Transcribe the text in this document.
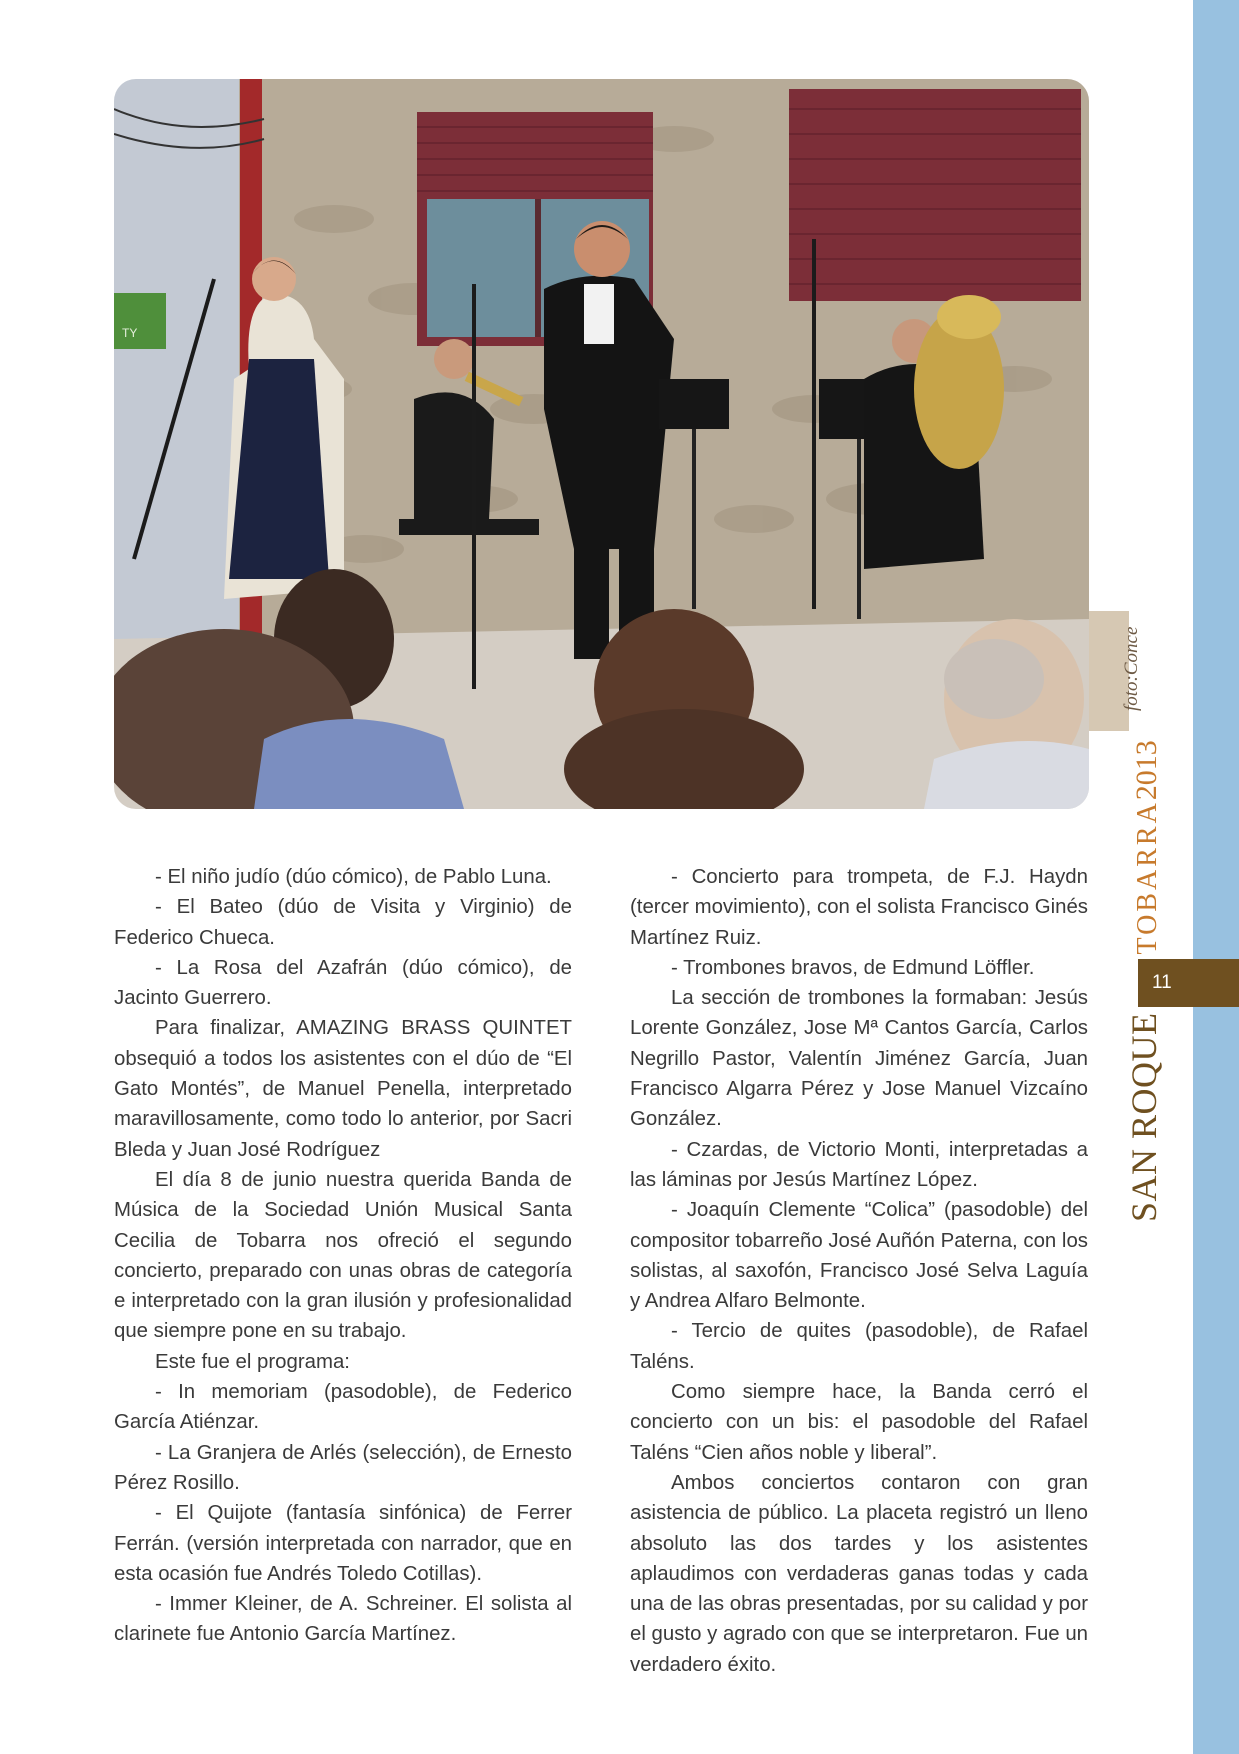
11
SAN ROQUETOBARRA2013
TY
foto:Conce

- El niño judío (dúo cómico), de Pablo Luna.

- El Bateo (dúo de Visita y Virginio) de Federico Chueca.

- La Rosa del Azafrán (dúo cómico), de Jacinto Guerrero.

Para finalizar, AMAZING BRASS QUINTET obsequió a todos los asistentes con el dúo de “El Gato Montés”, de Manuel Penella, interpretado maravillosamente, como todo lo anterior, por Sacri Bleda y Juan José Rodríguez

El día 8 de junio nuestra querida Banda de Música de la Sociedad Unión Musical Santa Cecilia de Tobarra nos ofreció el segundo concierto, preparado con unas obras de categoría e interpretado con la gran ilusión y profesionalidad que siempre pone en su trabajo.

Este fue el programa:

- In memoriam (pasodoble), de Federico García Atiénzar.

- La Granjera de Arlés (selección), de Ernesto Pérez Rosillo.

- El Quijote (fantasía sinfónica) de Ferrer Ferrán. (versión interpretada con narrador, que en esta ocasión fue Andrés Toledo Cotillas).

- Immer Kleiner, de A. Schreiner. El solista al clarinete fue Antonio García Martínez.

- Concierto para trompeta, de F.J. Haydn (tercer movimiento), con el solista Francisco Ginés Martínez Ruiz.

- Trombones bravos, de Edmund Löffler.

La sección de trombones la formaban: Jesús Lorente González, Jose Mª Cantos García, Carlos Negrillo Pastor, Valentín Jiménez García, Juan Francisco Algarra Pérez y Jose Manuel Vizcaíno González.

- Czardas, de Victorio Monti, interpretadas a las láminas por Jesús Martínez López.

- Joaquín Clemente “Colica” (pasodoble) del compositor tobarreño José Auñón Paterna, con los solistas, al saxofón, Francisco José Selva Laguía y Andrea Alfaro Belmonte.

- Tercio de quites (pasodoble), de Rafael Taléns.

Como siempre hace, la Banda cerró el concierto con un bis: el pasodoble del Rafael Taléns “Cien años noble y liberal”.

Ambos conciertos contaron con gran asistencia de público. La placeta registró un lleno absoluto las dos tardes y los asistentes aplaudimos con verdaderas ganas todas y cada una de las obras presentadas, por su calidad y por el gusto y agrado con que se interpretaron. Fue un verdadero éxito.
